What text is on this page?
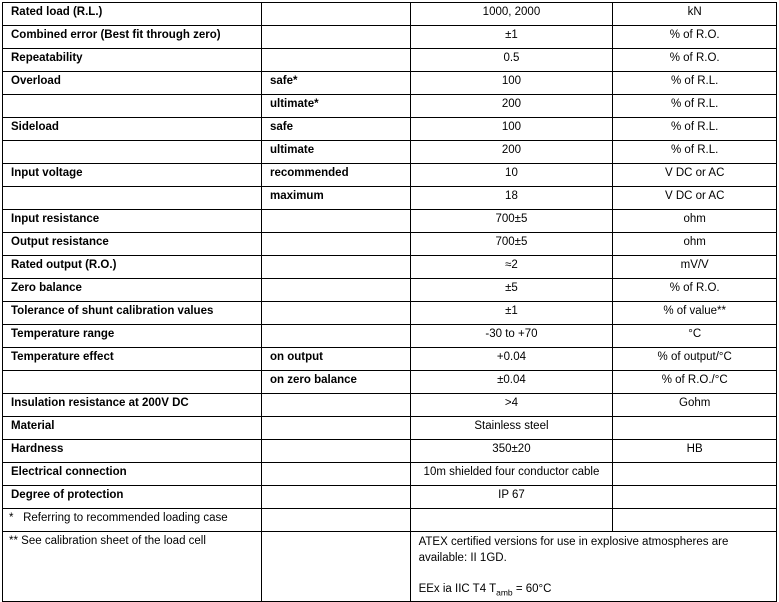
Rated load (R.L.)		1000, 2000	kN
Combined error (Best fit through zero)		±1	% of R.O.
Repeatability		0.5	% of R.O.
Overload	safe*	100	% of R.L.
	ultimate*	200	% of R.L.
Sideload	safe	100	% of R.L.
	ultimate	200	% of R.L.
Input voltage	recommended	10	V DC or AC
	maximum	18	V DC or AC
Input resistance		700±5	ohm
Output resistance		700±5	ohm
Rated output (R.O.)		≈2	mV/V
Zero balance		±5	% of R.O.
Tolerance of shunt calibration values		±1	% of value**
Temperature range		-30 to +70	°C
Temperature effect	on output	+0.04	% of output/°C
	on zero balance	±0.04	% of R.O./°C
Insulation resistance at 200V DC		>4	Gohm
Material		Stainless steel	
Hardness		350±20	HB
Electrical connection		10m shielded four conductor cable	
Degree of protection		IP 67	
* Referring to recommended loading case			
** See calibration sheet of the load cell		ATEX certified versions for use in explosive atmospheres are
available: II 1GD.

EEx ia IIC T4 $T_{amb} = 60^\circ C$	
